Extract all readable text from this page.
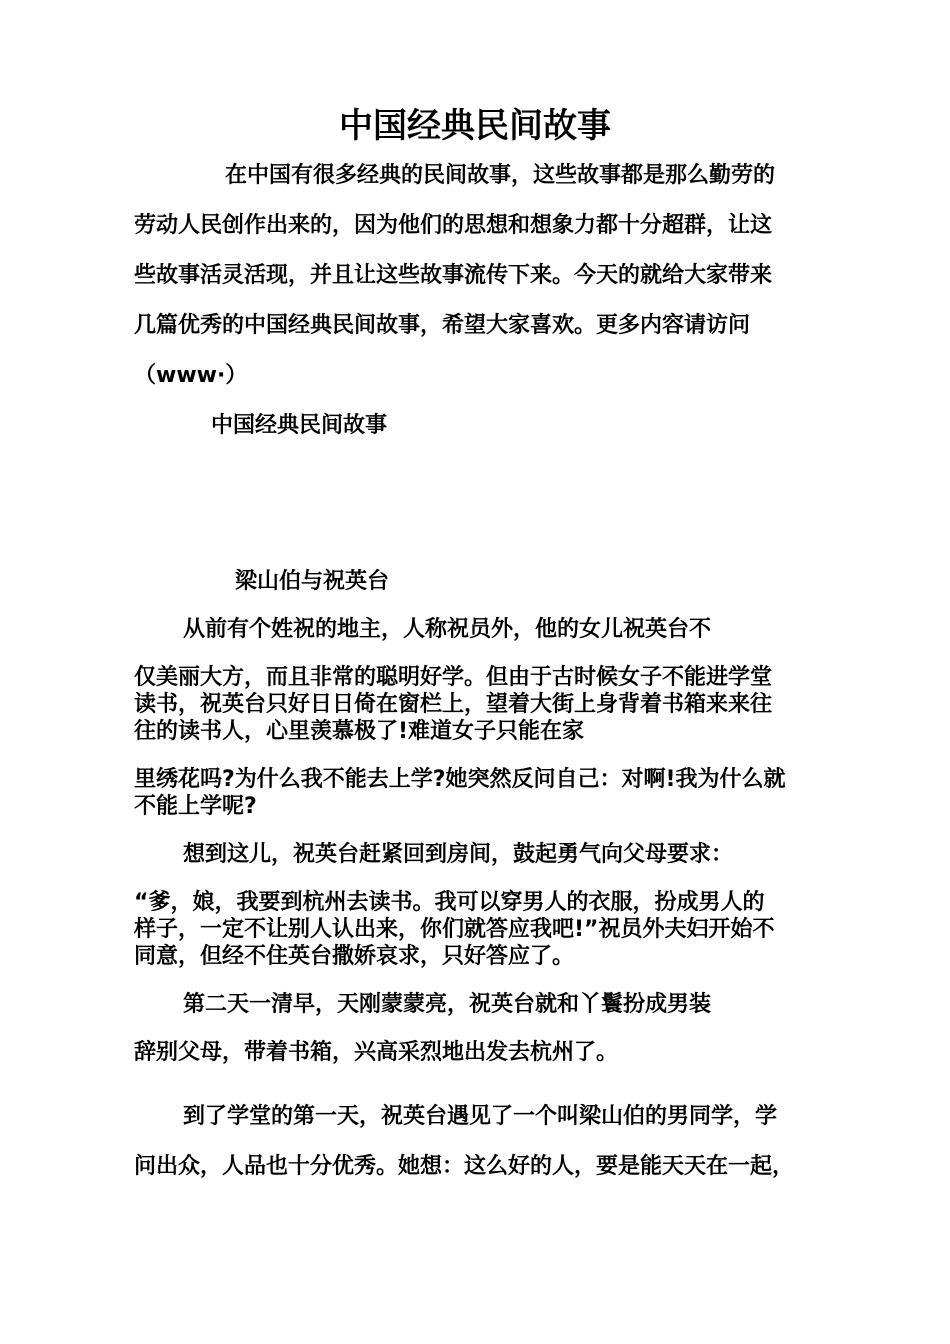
中国经典民间故事
在中国有很多经典的民间故事，这些故事都是那么勤劳的
劳动人民创作出来的，因为他们的思想和想象力都十分超群，让这
些故事活灵活现，并且让这些故事流传下来。今天的就给大家带来
几篇优秀的中国经典民间故事，希望大家喜欢。更多内容请访问
（www·）
中国经典民间故事
梁山伯与祝英台
从前有个姓祝的地主，人称祝员外，他的女儿祝英台不
仅美丽大方，而且非常的聪明好学。但由于古时候女子不能进学堂
读书，祝英台只好日日倚在窗栏上，望着大街上身背着书箱来来往
往的读书人，心里羡慕极了!难道女子只能在家
里绣花吗?为什么我不能去上学?她突然反问自己：对啊!我为什么就
不能上学呢?
想到这儿，祝英台赶紧回到房间，鼓起勇气向父母要求：
“爹，娘，我要到杭州去读书。我可以穿男人的衣服，扮成男人的
样子，一定不让别人认出来，你们就答应我吧!”祝员外夫妇开始不
同意，但经不住英台撒娇哀求，只好答应了。
第二天一清早，天刚蒙蒙亮，祝英台就和丫鬟扮成男装
辞别父母，带着书箱，兴高采烈地出发去杭州了。
到了学堂的第一天，祝英台遇见了一个叫梁山伯的男同学，学
问出众，人品也十分优秀。她想：这么好的人，要是能天天在一起，
